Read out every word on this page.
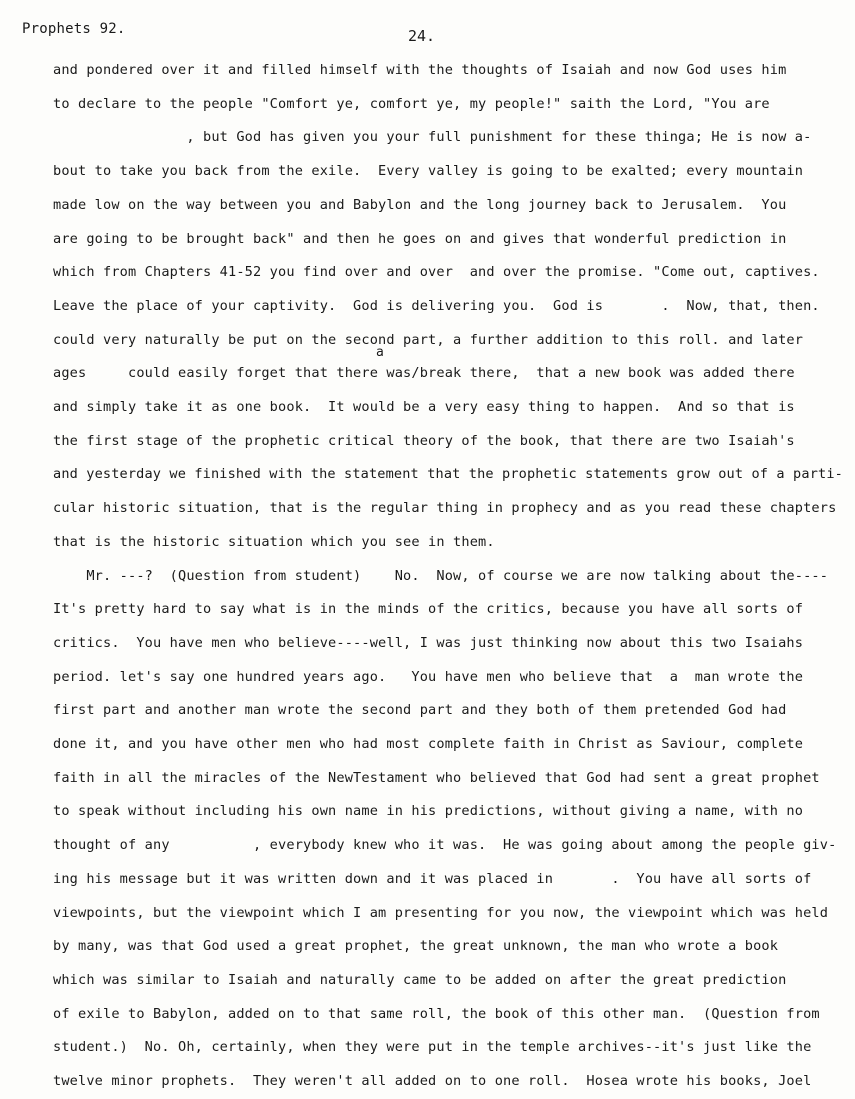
Prophets 92.	24.
a
and pondered over it and filled himself with the thoughts of Isaiah and now God uses him
to declare to the people "Comfort ye, comfort ye, my people!" saith the Lord, "You are
, but God has given you your full punishment for these thinga; He is now a-
bout to take you back from the exile.  Every valley is going to be exalted; every mountain
made low on the way between you and Babylon and the long journey back to Jerusalem.  You
are going to be brought back" and then he goes on and gives that wonderful prediction in
which from Chapters 41-52 you find over and over  and over the promise. "Come out, captives.
Leave the place of your captivity.  God is delivering you.  God is       .  Now, that, then.
could very naturally be put on the second part, a further addition to this roll. and later
ages     could easily forget that there was/break there,  that a new book was added there
and simply take it as one book.  It would be a very easy thing to happen.  And so that is
the first stage of the prophetic critical theory of the book, that there are two Isaiah's
and yesterday we finished with the statement that the prophetic statements grow out of a parti-
cular historic situation, that is the regular thing in prophecy and as you read these chapters
that is the historic situation which you see in them.
Mr. ---?  (Question from student)    No.  Now, of course we are now talking about the----
It's pretty hard to say what is in the minds of the critics, because you have all sorts of
critics.  You have men who believe----well, I was just thinking now about this two Isaiahs
period. let's say one hundred years ago.   You have men who believe that  a  man wrote the
first part and another man wrote the second part and they both of them pretended God had
done it, and you have other men who had most complete faith in Christ as Saviour, complete
faith in all the miracles of the NewTestament who believed that God had sent a great prophet
to speak without including his own name in his predictions, without giving a name, with no
thought of any          , everybody knew who it was.  He was going about among the people giv-
ing his message but it was written down and it was placed in       .  You have all sorts of
viewpoints, but the viewpoint which I am presenting for you now, the viewpoint which was held
by many, was that God used a great prophet, the great unknown, the man who wrote a book
which was similar to Isaiah and naturally came to be added on after the great prediction
of exile to Babylon, added on to that same roll, the book of this other man.  (Question from
student.)  No. Oh, certainly, when they were put in the temple archives--it's just like the
twelve minor prophets.  They weren't all added on to one roll.  Hosea wrote his books, Joel
